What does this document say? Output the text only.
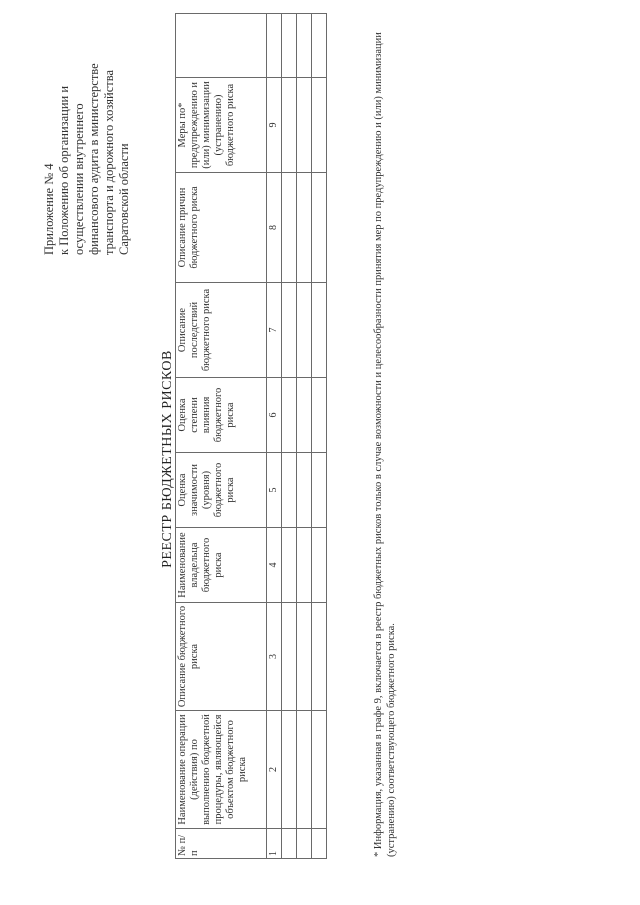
Приложение № 4 к Положению об организации и осуществлении внутреннего финансового аудита в министерстве транспорта и дорожного хозяйства Саратовской области
РЕЕСТР БЮДЖЕТНЫХ РИСКОВ
№ п/п	Наименование операции (действия) по выполнению бюджетной процедуры, являющейся объектом бюджетного риска	Описание бюджетного риска	Наименование владельца бюджетного риска	Оценка значимости (уровня) бюджетного риска	Оценка степени влияния бюджетного риска	Описание последствий бюджетного риска	Описание причин бюджетного риска	Меры по* предупреждению и (или) минимизации (устранению) бюджетного риска	
1	2	3	4	5	6	7	8	9	

										* Информация, указанная в графе 9, включается в реестр бюджетных рисков только в случае возможности и целесообразности принятия мер по предупреждению и (или) минимизации (устранению) соответствующего бюджетного риска.
